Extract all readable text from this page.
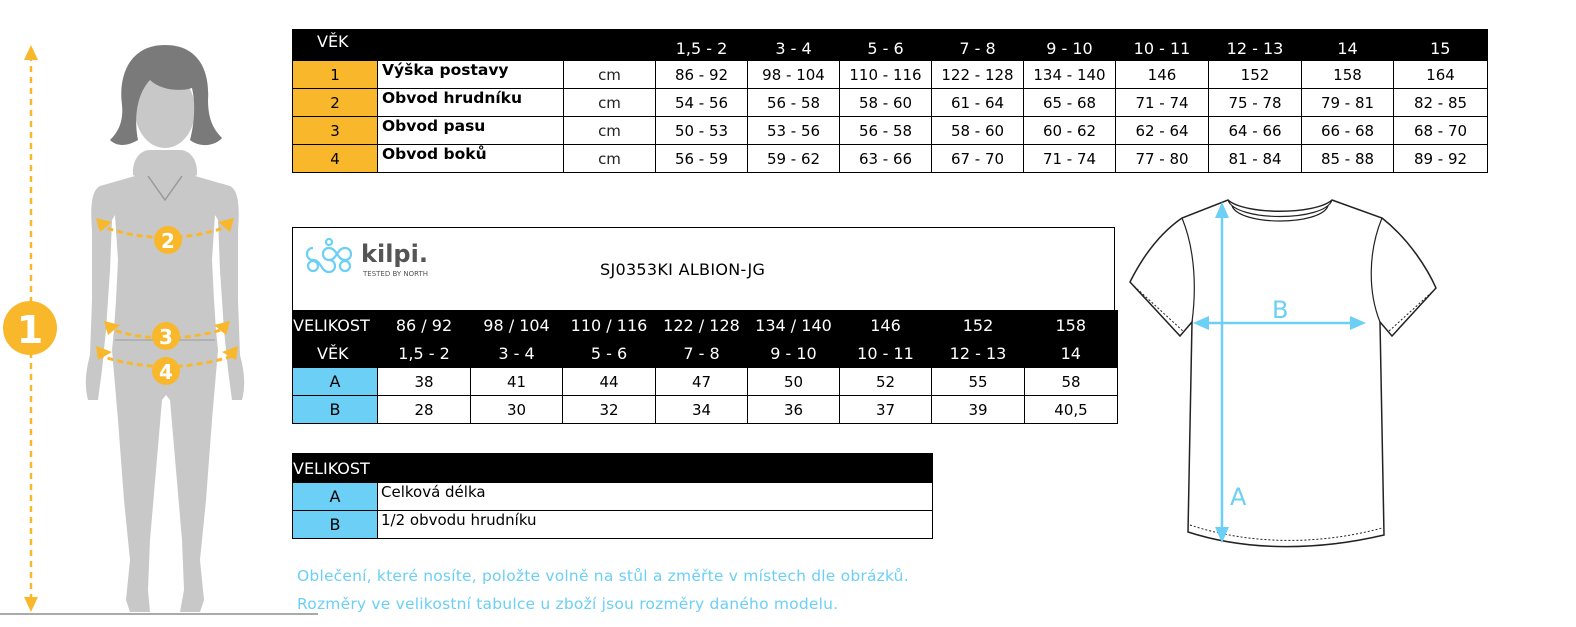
1
2
3
4
VĚK			1,5 - 2	3 - 4	5 - 6	7 - 8	9 - 10	10 - 11	12 - 13	14	15
1	Výška postavy	cm	86 - 92	98 - 104	110 - 116	122 - 128	134 - 140	146	152	158	164
2	Obvod hrudníku	cm	54 - 56	56 - 58	58 - 60	61 - 64	65 - 68	71 - 74	75 - 78	79 - 81	82 - 85
3	Obvod pasu	cm	50 - 53	53 - 56	56 - 58	58 - 60	60 - 62	62 - 64	64 - 66	66 - 68	68 - 70
4	Obvod boků	cm	56 - 59	59 - 62	63 - 66	67 - 70	71 - 74	77 - 80	81 - 84	85 - 88	89 - 92
kilpi.
TESTED BY NORTH	SJ0353KI ALBION-JG
VELIKOST	86 / 92	98 / 104	110 / 116	122 / 128	134 / 140	146	152	158
VĚK	1,5 - 2	3 - 4	5 - 6	7 - 8	9 - 10	10 - 11	12 - 13	14
A	38	41	44	47	50	52	55	58
B	28	30	32	34	36	37	39	40,5
VELIKOST	
A	Celková délka
B	1/2 obvodu hrudníku
Oblečení, které nosíte, položte volně na stůl a změřte v místech dle obrázků.
Rozměry ve velikostní tabulce u zboží jsou rozměry daného modelu.
A
B
